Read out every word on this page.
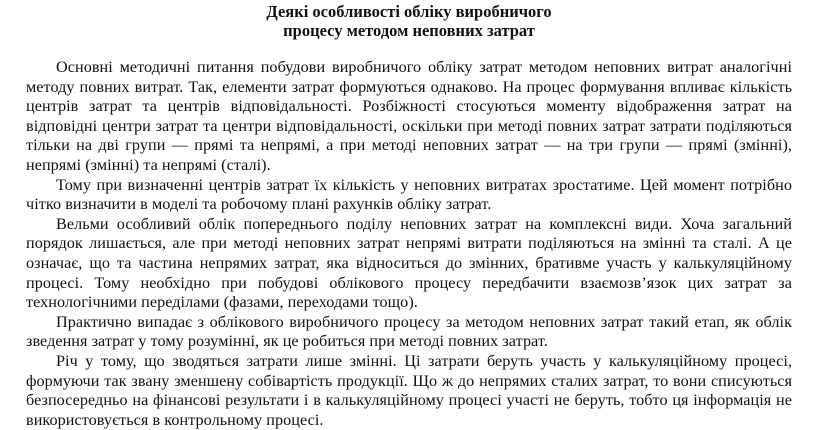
Деякі особливості обліку виробничого
процесу методом неповних затрат

Основні методичні питання побудови виробничого обліку затрат методом неповних витрат аналогічні методу повних витрат. Так, елементи затрат формуються однаково. На процес формування впливає кількість центрів затрат та центрів відповідальності. Розбіжності стосуються моменту відображення затрат на відповідні центри затрат та центри відповідальності, оскільки при методі повних затрат затрати поділяються тільки на дві групи — прямі та непрямі, а при методі неповних затрат — на три групи — прямі (змінні), непрямі (змінні) та непрямі (сталі).

Тому при визначенні центрів затрат їх кількість у неповних витратах зростатиме. Цей момент потрібно чітко визначити в моделі та робочому плані рахунків обліку затрат.

Вельми особливий облік попереднього поділу неповних затрат на комплексні види. Хоча загальний порядок лишається, але при методі неповних затрат непрямі витрати поділяються на змінні та сталі. А це означає, що та частина непрямих затрат, яка відноситься до змінних, бративме участь у калькуляційному процесі. Тому необхідно при побудові облікового процесу передбачити взаємозв’язок цих затрат за технологічними переділами (фазами, переходами тощо).

Практично випадає з облікового виробничого процесу за методом неповних затрат такий етап, як облік зведення затрат у тому розумінні, як це робиться при методі повних затрат.

Річ у тому, що зводяться затрати лише змінні. Ці затрати беруть участь у калькуляційному процесі, формуючи так звану зменшену собівартість продукції. Що ж до непрямих сталих затрат, то вони списуються безпосередньо на фінансові результати і в калькуляційному процесі участі не беруть, тобто ця інформація не використовується в контрольному процесі.
